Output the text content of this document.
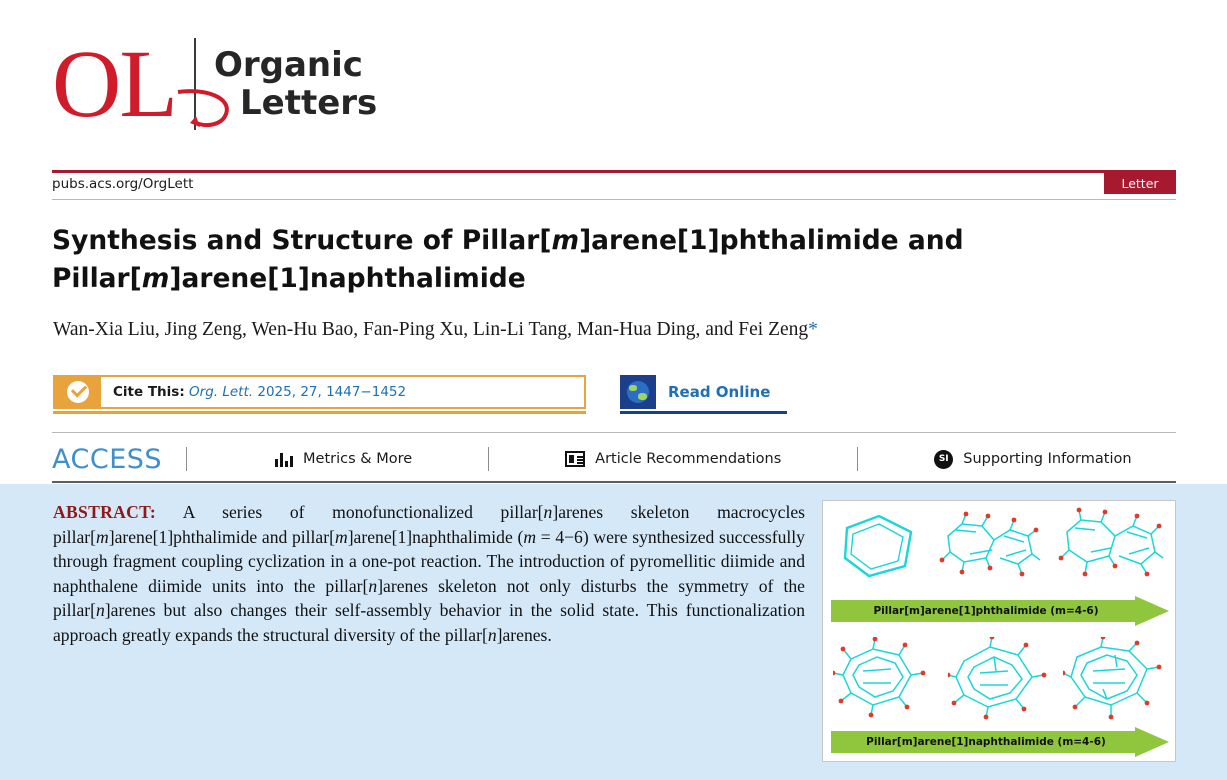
OL	Organic
Letters
pubs.acs.org/OrgLett	Letter
Synthesis and Structure of Pillar[m]arene[1]phthalimide and
Pillar[m]arene[1]naphthalimide
Wan-Xia Liu, Jing Zeng, Wen-Hu Bao, Fan-Ping Xu, Lin-Li Tang, Man-Hua Ding, and Fei Zeng*
Cite This: Org. Lett. 2025, 27, 1447−1452	Read Online
ACCESS	Metrics & More	Article Recommendations	SI	Supporting Information
ABSTRACT: A series of monofunctionalized pillar[n]arenes skeleton macrocycles pillar[m]arene[1]phthalimide and pillar[m]arene[1]naphthalimide (m = 4−6) were synthesized successfully through fragment coupling cyclization in a one-pot reaction. The introduction of pyromellitic diimide and naphthalene diimide units into the pillar[n]arenes skeleton not only disturbs the symmetry of the pillar[n]arenes but also changes their self-assembly behavior in the solid state. This functionalization approach greatly expands the structural diversity of the pillar[n]arenes.
Pillar[m]arene[1]phthalimide (m=4-6)
Pillar[m]arene[1]naphthalimide (m=4-6)
